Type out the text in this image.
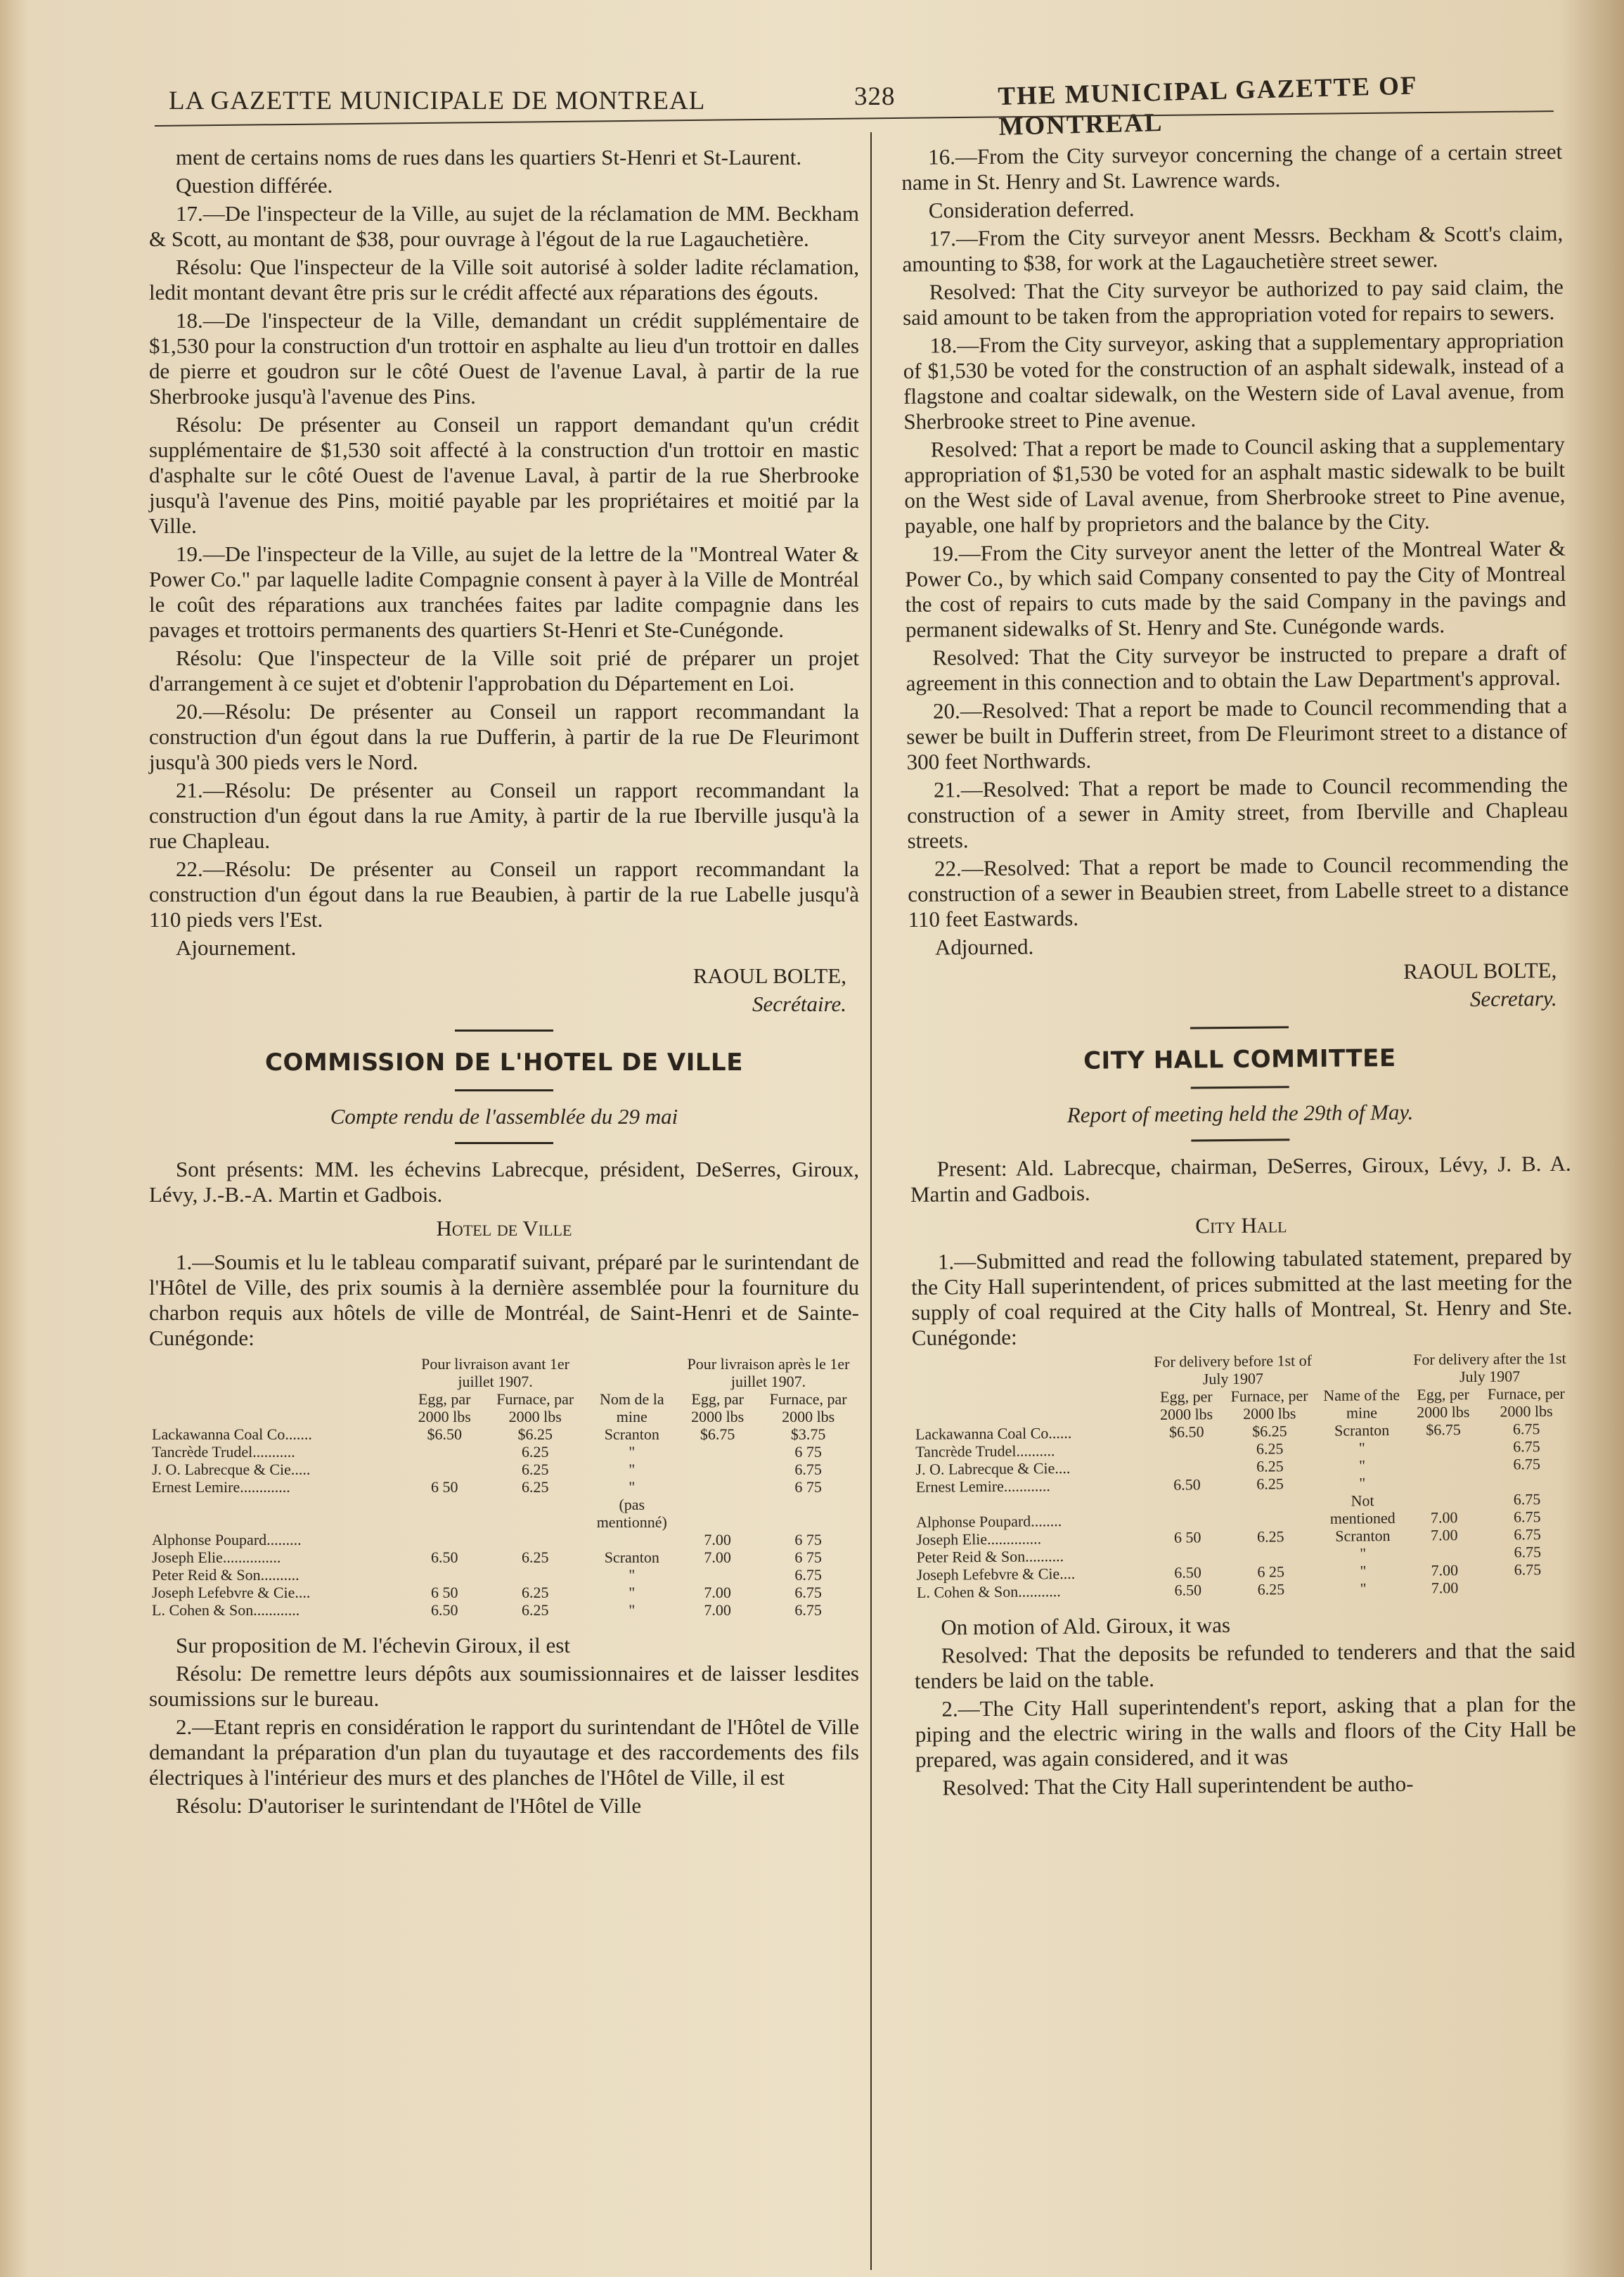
LA GAZETTE MUNICIPALE DE MONTREAL	328	THE MUNICIPAL GAZETTE OF MONTREAL

ment de certains noms de rues dans les quartiers St-Henri et St-Laurent.

Question différée.

17.—De l'inspecteur de la Ville, au sujet de la réclamation de MM. Beckham & Scott, au montant de $38, pour ouvrage à l'égout de la rue Lagauchetière.

Résolu: Que l'inspecteur de la Ville soit autorisé à solder ladite réclamation, ledit montant devant être pris sur le crédit affecté aux réparations des égouts.

18.—De l'inspecteur de la Ville, demandant un crédit supplémentaire de $1,530 pour la construction d'un trottoir en asphalte au lieu d'un trottoir en dalles de pierre et goudron sur le côté Ouest de l'avenue Laval, à partir de la rue Sherbrooke jusqu'à l'avenue des Pins.

Résolu: De présenter au Conseil un rapport demandant qu'un crédit supplémentaire de $1,530 soit affecté à la construction d'un trottoir en mastic d'asphalte sur le côté Ouest de l'avenue Laval, à partir de la rue Sherbrooke jusqu'à l'avenue des Pins, moitié payable par les propriétaires et moitié par la Ville.

19.—De l'inspecteur de la Ville, au sujet de la lettre de la "Montreal Water & Power Co." par laquelle ladite Compagnie consent à payer à la Ville de Montréal le coût des réparations aux tranchées faites par ladite compagnie dans les pavages et trottoirs permanents des quartiers St-Henri et Ste-Cunégonde.

Résolu: Que l'inspecteur de la Ville soit prié de préparer un projet d'arrangement à ce sujet et d'obtenir l'approbation du Département en Loi.

20.—Résolu: De présenter au Conseil un rapport recommandant la construction d'un égout dans la rue Dufferin, à partir de la rue De Fleurimont jusqu'à 300 pieds vers le Nord.

21.—Résolu: De présenter au Conseil un rapport recommandant la construction d'un égout dans la rue Amity, à partir de la rue Iberville jusqu'à la rue Chapleau.

22.—Résolu: De présenter au Conseil un rapport recommandant la construction d'un égout dans la rue Beaubien, à partir de la rue Labelle jusqu'à 110 pieds vers l'Est.

Ajournement.

RAOUL BOLTE,

Secrétaire.

COMMISSION DE L'HOTEL DE VILLE

Compte rendu de l'assemblée du 29 mai

Sont présents: MM. les échevins Labrecque, président, DeSerres, Giroux, Lévy, J.-B.-A. Martin et Gadbois.

Hotel de Ville

1.—Soumis et lu le tableau comparatif suivant, préparé par le surintendant de l'Hôtel de Ville, des prix soumis à la dernière assemblée pour la fourniture du charbon requis aux hôtels de ville de Montréal, de Saint-Henri et de Sainte-Cunégonde:

	Pour livraison avant 1er juillet 1907.			Pour livraison après le 1er juillet 1907.	
	Egg, par 2000 lbs	Furnace, par 2000 lbs	Nom de la mine	Egg, par 2000 lbs	Furnace, par 2000 lbs
Lackawanna Coal Co.......	$6.50	$6.25	Scranton	$6.75	$3.75
Tancrède Trudel...........		6.25	"		6 75
J. O. Labrecque & Cie.....		6.25	"		6.75
Ernest Lemire.............	6 50	6.25	"		6 75
			(pas mentionné)		
Alphonse Poupard.........				7.00	6 75
Joseph Elie...............	6.50	6.25	Scranton	7.00	6 75
Peter Reid & Son..........			"		6.75
Joseph Lefebvre & Cie....	6 50	6.25	"	7.00	6.75
L. Cohen & Son............	6.50	6.25	"	7.00	6.75

Sur proposition de M. l'échevin Giroux, il est

Résolu: De remettre leurs dépôts aux soumissionnaires et de laisser lesdites soumissions sur le bureau.

2.—Etant repris en considération le rapport du surintendant de l'Hôtel de Ville demandant la préparation d'un plan du tuyautage et des raccordements des fils électriques à l'intérieur des murs et des planches de l'Hôtel de Ville, il est

Résolu: D'autoriser le surintendant de l'Hôtel de Ville

16.—From the City surveyor concerning the change of a certain street name in St. Henry and St. Lawrence wards.

Consideration deferred.

17.—From the City surveyor anent Messrs. Beckham & Scott's claim, amounting to $38, for work at the Lagauchetière street sewer.

Resolved: That the City surveyor be authorized to pay said claim, the said amount to be taken from the appropriation voted for repairs to sewers.

18.—From the City surveyor, asking that a supplementary appropriation of $1,530 be voted for the construction of an asphalt sidewalk, instead of a flagstone and coaltar sidewalk, on the Western side of Laval avenue, from Sherbrooke street to Pine avenue.

Resolved: That a report be made to Council asking that a supplementary appropriation of $1,530 be voted for an asphalt mastic sidewalk to be built on the West side of Laval avenue, from Sherbrooke street to Pine avenue, payable, one half by proprietors and the balance by the City.

19.—From the City surveyor anent the letter of the Montreal Water & Power Co., by which said Company consented to pay the City of Montreal the cost of repairs to cuts made by the said Company in the pavings and permanent sidewalks of St. Henry and Ste. Cunégonde wards.

Resolved: That the City surveyor be instructed to prepare a draft of agreement in this connection and to obtain the Law Department's approval.

20.—Resolved: That a report be made to Council recommending that a sewer be built in Dufferin street, from De Fleurimont street to a distance of 300 feet Northwards.

21.—Resolved: That a report be made to Council recommending the construction of a sewer in Amity street, from Iberville and Chapleau streets.

22.—Resolved: That a report be made to Council recommending the construction of a sewer in Beaubien street, from Labelle street to a distance 110 feet Eastwards.

Adjourned.

RAOUL BOLTE,

Secretary.

CITY HALL COMMITTEE

Report of meeting held the 29th of May.

Present: Ald. Labrecque, chairman, DeSerres, Giroux, Lévy, J. B. A. Martin and Gadbois.

City Hall

1.—Submitted and read the following tabulated statement, prepared by the City Hall superintendent, of prices submitted at the last meeting for the supply of coal required at the City halls of Montreal, St. Henry and Ste. Cunégonde:

	For delivery before 1st of July 1907			For delivery after the 1st July 1907	
	Egg, per 2000 lbs	Furnace, per 2000 lbs	Name of the mine	Egg, per 2000 lbs	Furnace, per 2000 lbs
Lackawanna Coal Co......	$6.50	$6.25	Scranton	$6.75	6.75
Tancrède Trudel..........		6.25	"		6.75
J. O. Labrecque & Cie....		6.25	"		6.75
Ernest Lemire............	6.50	6.25	"		
			Not		6.75
Alphonse Poupard........			mentioned	7.00	6.75
Joseph Elie..............	6 50	6.25	Scranton	7.00	6.75
Peter Reid & Son..........			"		6.75
Joseph Lefebvre & Cie....	6.50	6 25	"	7.00	6.75
L. Cohen & Son...........	6.50	6.25	"	7.00	

On motion of Ald. Giroux, it was

Resolved: That the deposits be refunded to tenderers and that the said tenders be laid on the table.

2.—The City Hall superintendent's report, asking that a plan for the piping and the electric wiring in the walls and floors of the City Hall be prepared, was again considered, and it was

Resolved: That the City Hall superintendent be autho-
